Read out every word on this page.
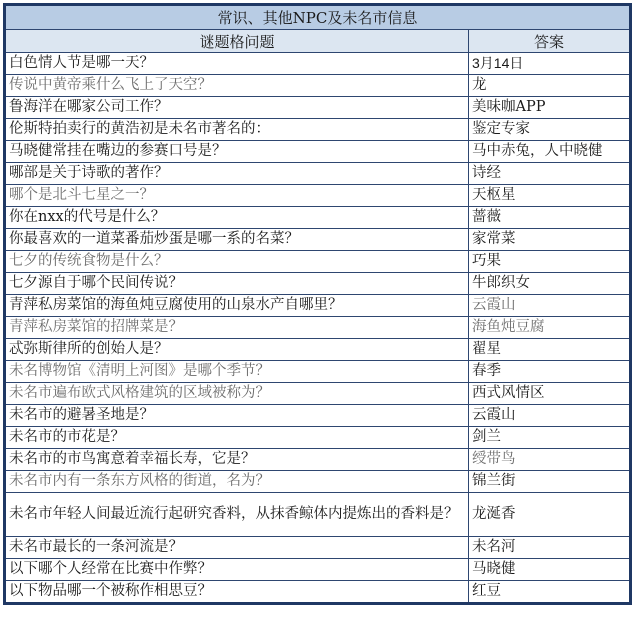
常识、其他NPC及未名市信息	
谜题格问题	答案
白色情人节是哪一天？	3月14日
传说中黄帝乘什么飞上了天空？	龙
鲁海洋在哪家公司工作？	美味咖APP
伦斯特拍卖行的黄浩初是未名市著名的：	鉴定专家
马晓健常挂在嘴边的参赛口号是？	马中赤兔，人中晓健
哪部是关于诗歌的著作？	诗经
哪个是北斗七星之一？	天枢星
你在nxx的代号是什么？	蔷薇
你最喜欢的一道菜番茄炒蛋是哪一系的名菜？	家常菜
七夕的传统食物是什么？	巧果
七夕源自于哪个民间传说？	牛郎织女
青萍私房菜馆的海鱼炖豆腐使用的山泉水产自哪里？	云霞山
青萍私房菜馆的招牌菜是？	海鱼炖豆腐
忒弥斯律所的创始人是？	翟星
未名博物馆《清明上河图》是哪个季节？	春季
未名市遍布欧式风格建筑的区域被称为？	西式风情区
未名市的避暑圣地是？	云霞山
未名市的市花是？	剑兰
未名市的市鸟寓意着幸福长寿，它是？	绶带鸟
未名市内有一条东方风格的街道，名为？	锦兰街
未名市年轻人间最近流行起研究香料，从抹香鲸体内提炼出的香料是？	龙涎香
未名市最长的一条河流是？	未名河
以下哪个人经常在比赛中作弊？	马晓健
以下物品哪一个被称作相思豆？	红豆
